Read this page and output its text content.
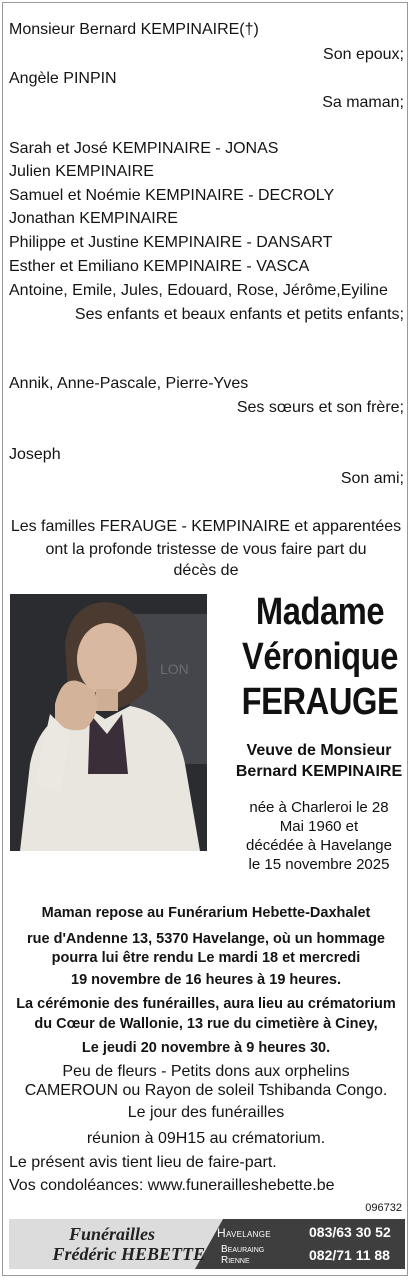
Monsieur Bernard KEMPINAIRE(†)
Son epoux;
Angèle PINPIN
Sa maman;
Sarah et José KEMPINAIRE - JONAS
Julien KEMPINAIRE
Samuel et Noémie KEMPINAIRE - DECROLY
Jonathan KEMPINAIRE
Philippe et Justine KEMPINAIRE - DANSART
Esther et Emiliano KEMPINAIRE - VASCA
Antoine, Emile, Jules, Edouard, Rose, Jérôme,Eyiline
Ses enfants et beaux enfants et petits enfants;
Annik, Anne-Pascale, Pierre-Yves
Ses sœurs et son frère;
Joseph
Son ami;
Les familles FERAUGE - KEMPINAIRE et apparentées
ont la profonde tristesse de vous faire part du
décès de
LON
Madame
Véronique
FERAUGE
Veuve de Monsieur
Bernard KEMPINAIRE
née à Charleroi le 28
Mai 1960 et
décédée à Havelange
le 15 novembre 2025
Maman repose au Funérarium Hebette-Daxhalet
rue d'Andenne 13, 5370 Havelange, où un hommage
pourra lui être rendu Le mardi 18 et mercredi
19 novembre de 16 heures à 19 heures.
La cérémonie des funérailles, aura lieu au crématorium
du Cœur de Wallonie, 13 rue du cimetière à Ciney,
Le jeudi 20 novembre à 9 heures 30.
Peu de fleurs - Petits dons aux orphelins
CAMEROUN ou Rayon de soleil Tshibanda Congo.
Le jour des funérailles
réunion à 09H15 au crématorium.
Le présent avis tient lieu de faire-part.
Vos condoléances: www.funerailleshebette.be
096732
Funérailles
Frédéric HEBETTE
Havelange	083/63 30 52
Beauraing
Rienne	082/71 11 88
